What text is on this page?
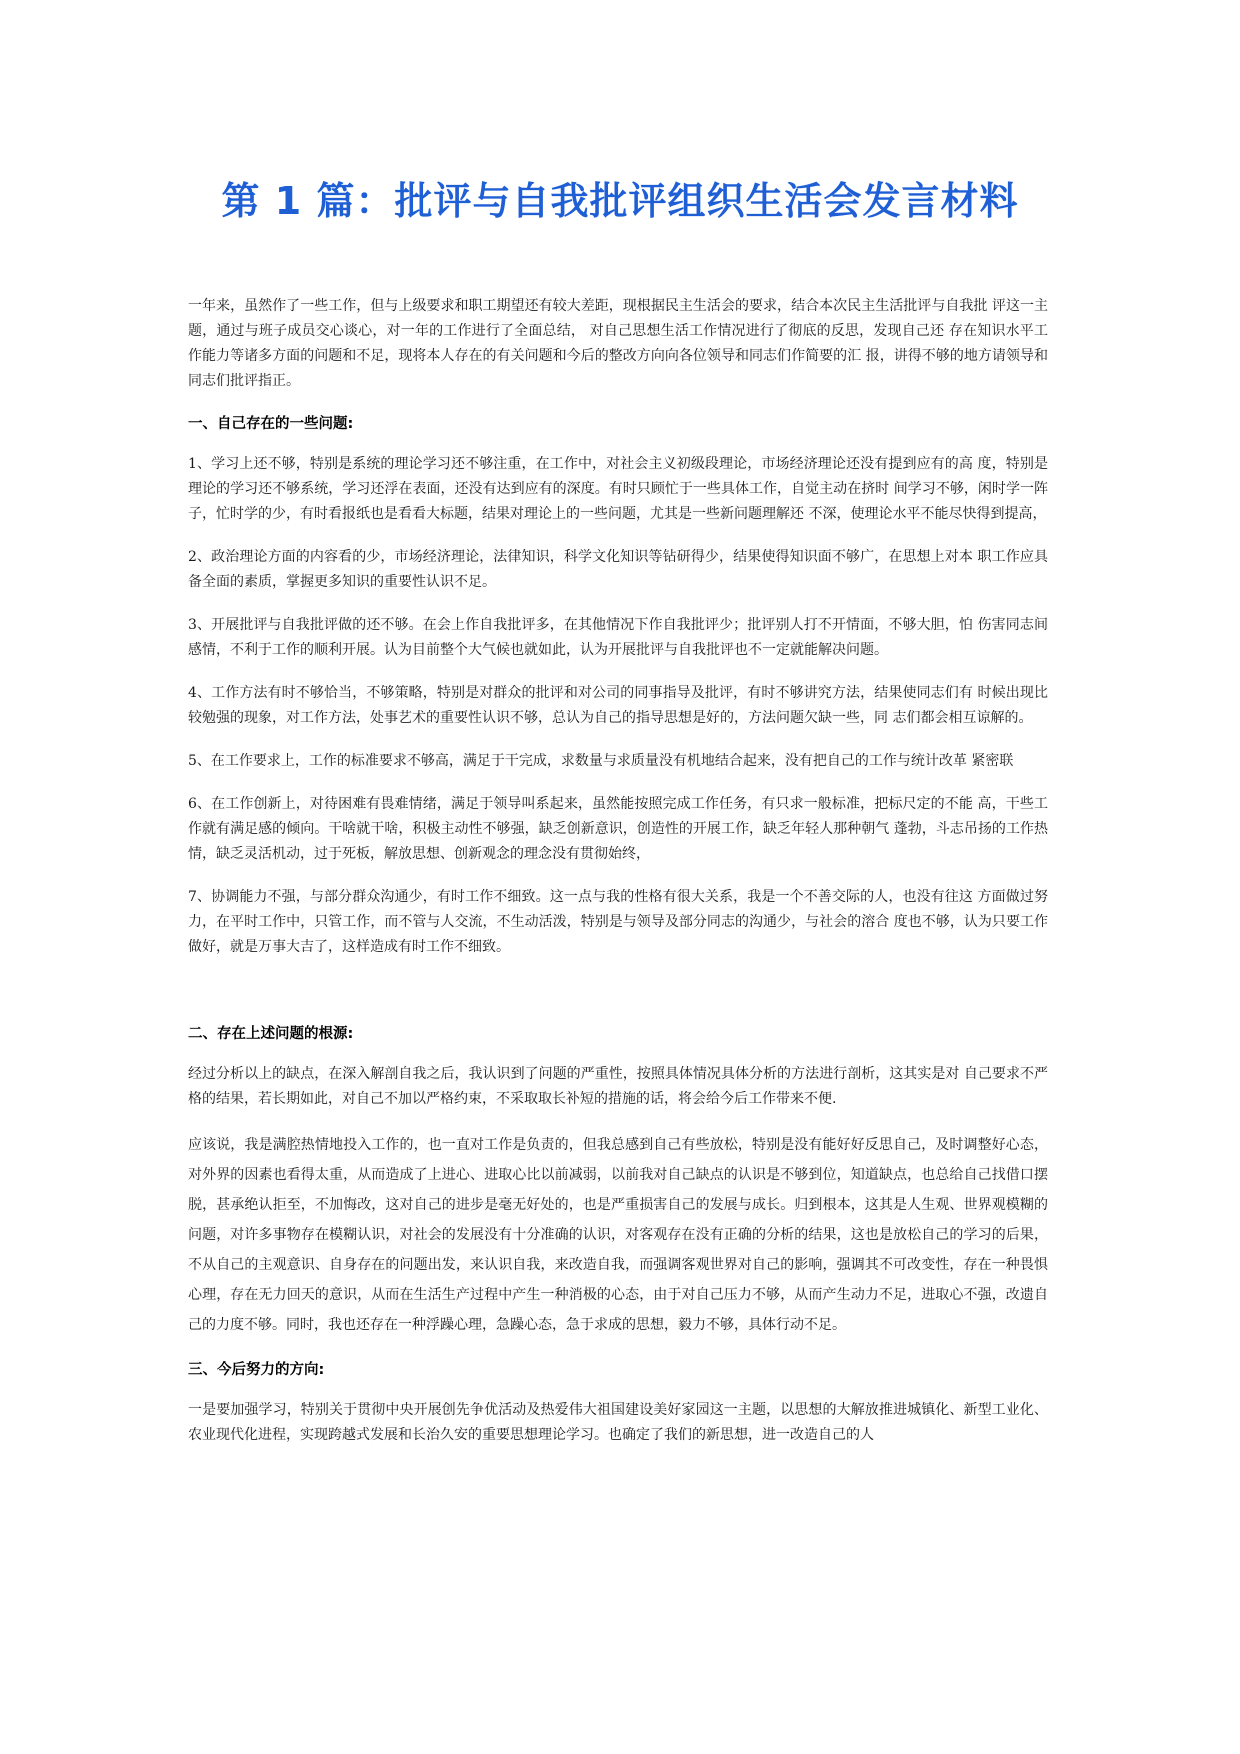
第 1 篇：批评与自我批评组织生活会发言材料

一年来，虽然作了一些工作，但与上级要求和职工期望还有较大差距，现根据民主生活会的要求，结合本次民主生活批评与自我批 评这一主题，通过与班子成员交心谈心，对一年的工作进行了全面总结， 对自己思想生活工作情况进行了彻底的反思，发现自己还 存在知识水平工作能力等诸多方面的问题和不足，现将本人存在的有关问题和今后的整改方向向各位领导和同志们作简要的汇 报，讲得不够的地方请领导和同志们批评指正。

一、自己存在的一些问题:

1、学习上还不够，特别是系统的理论学习还不够注重，在工作中，对社会主义初级段理论，市场经济理论还没有提到应有的高 度，特别是理论的学习还不够系统，学习还浮在表面，还没有达到应有的深度。有时只顾忙于一些具体工作，自觉主动在挤时 间学习不够，闲时学一阵子，忙时学的少，有时看报纸也是看看大标题，结果对理论上的一些问题，尤其是一些新问题理解还 不深，使理论水平不能尽快得到提高，

2、政治理论方面的内容看的少，市场经济理论，法律知识，科学文化知识等钻研得少，结果使得知识面不够广，在思想上对本 职工作应具备全面的素质，掌握更多知识的重要性认识不足。

3、开展批评与自我批评做的还不够。在会上作自我批评多，在其他情况下作自我批评少；批评别人打不开情面，不够大胆，怕 伤害同志间感情，不利于工作的顺利开展。认为目前整个大气候也就如此，认为开展批评与自我批评也不一定就能解决问题。

4、工作方法有时不够恰当，不够策略，特别是对群众的批评和对公司的同事指导及批评，有时不够讲究方法，结果使同志们有 时候出现比较勉强的现象，对工作方法，处事艺术的重要性认识不够，总认为自己的指导思想是好的，方法问题欠缺一些，同 志们都会相互谅解的。

5、在工作要求上，工作的标准要求不够高，满足于干完成，求数量与求质量没有机地结合起来，没有把自己的工作与统计改革 紧密联

6、在工作创新上，对待困难有畏难情绪，满足于领导叫系起来，虽然能按照完成工作任务，有只求一般标准，把标尺定的不能 高，干些工作就有满足感的倾向。干啥就干啥，积极主动性不够强，缺乏创新意识，创造性的开展工作，缺乏年轻人那种朝气 蓬勃，斗志吊扬的工作热情，缺乏灵活机动，过于死板，解放思想、创新观念的理念没有贯彻始终，

7、协调能力不强，与部分群众沟通少，有时工作不细致。这一点与我的性格有很大关系，我是一个不善交际的人，也没有往这 方面做过努力，在平时工作中，只管工作，而不管与人交流，不生动活泼，特别是与领导及部分同志的沟通少，与社会的溶合 度也不够，认为只要工作做好，就是万事大吉了，这样造成有时工作不细致。

二、存在上述问题的根源:

经过分析以上的缺点，在深入解剖自我之后，我认识到了问题的严重性，按照具体情况具体分析的方法进行剖析，这其实是对 自己要求不严格的结果，若长期如此，对自己不加以严格约束，不采取取长补短的措施的话，将会给今后工作带来不便.

应该说，我是满腔热情地投入工作的，也一直对工作是负责的，但我总感到自己有些放松，特别是没有能好好反思自己，及时调整好心态，对外界的因素也看得太重，从而造成了上进心、进取心比以前减弱，以前我对自己缺点的认识是不够到位，知道缺点，也总给自己找借口摆脱，甚承绝认拒至，不加悔改，这对自己的进步是毫无好处的，也是严重损害自己的发展与成长。归到根本，这其是人生观、世界观模糊的问题，对许多事物存在模糊认识，对社会的发展没有十分准确的认识，对客观存在没有正确的分析的结果，这也是放松自己的学习的后果，不从自己的主观意识、自身存在的问题出发，来认识自我，来改造自我，而强调客观世界对自己的影响，强调其不可改变性，存在一种畏惧心理，存在无力回天的意识，从而在生活生产过程中产生一种消极的心态，由于对自己压力不够，从而产生动力不足，进取心不强，改遗自己的力度不够。同时，我也还存在一种浮躁心理，急躁心态，急于求成的思想，毅力不够，具体行动不足。

三、今后努力的方向:

一是要加强学习，特别关于贯彻中央开展创先争优活动及热爱伟大祖国建设美好家园这一主题，以思想的大解放推进城镇化、新型工业化、农业现代化进程，实现跨越式发展和长治久安的重要思想理论学习。也确定了我们的新思想，进一改造自己的人
